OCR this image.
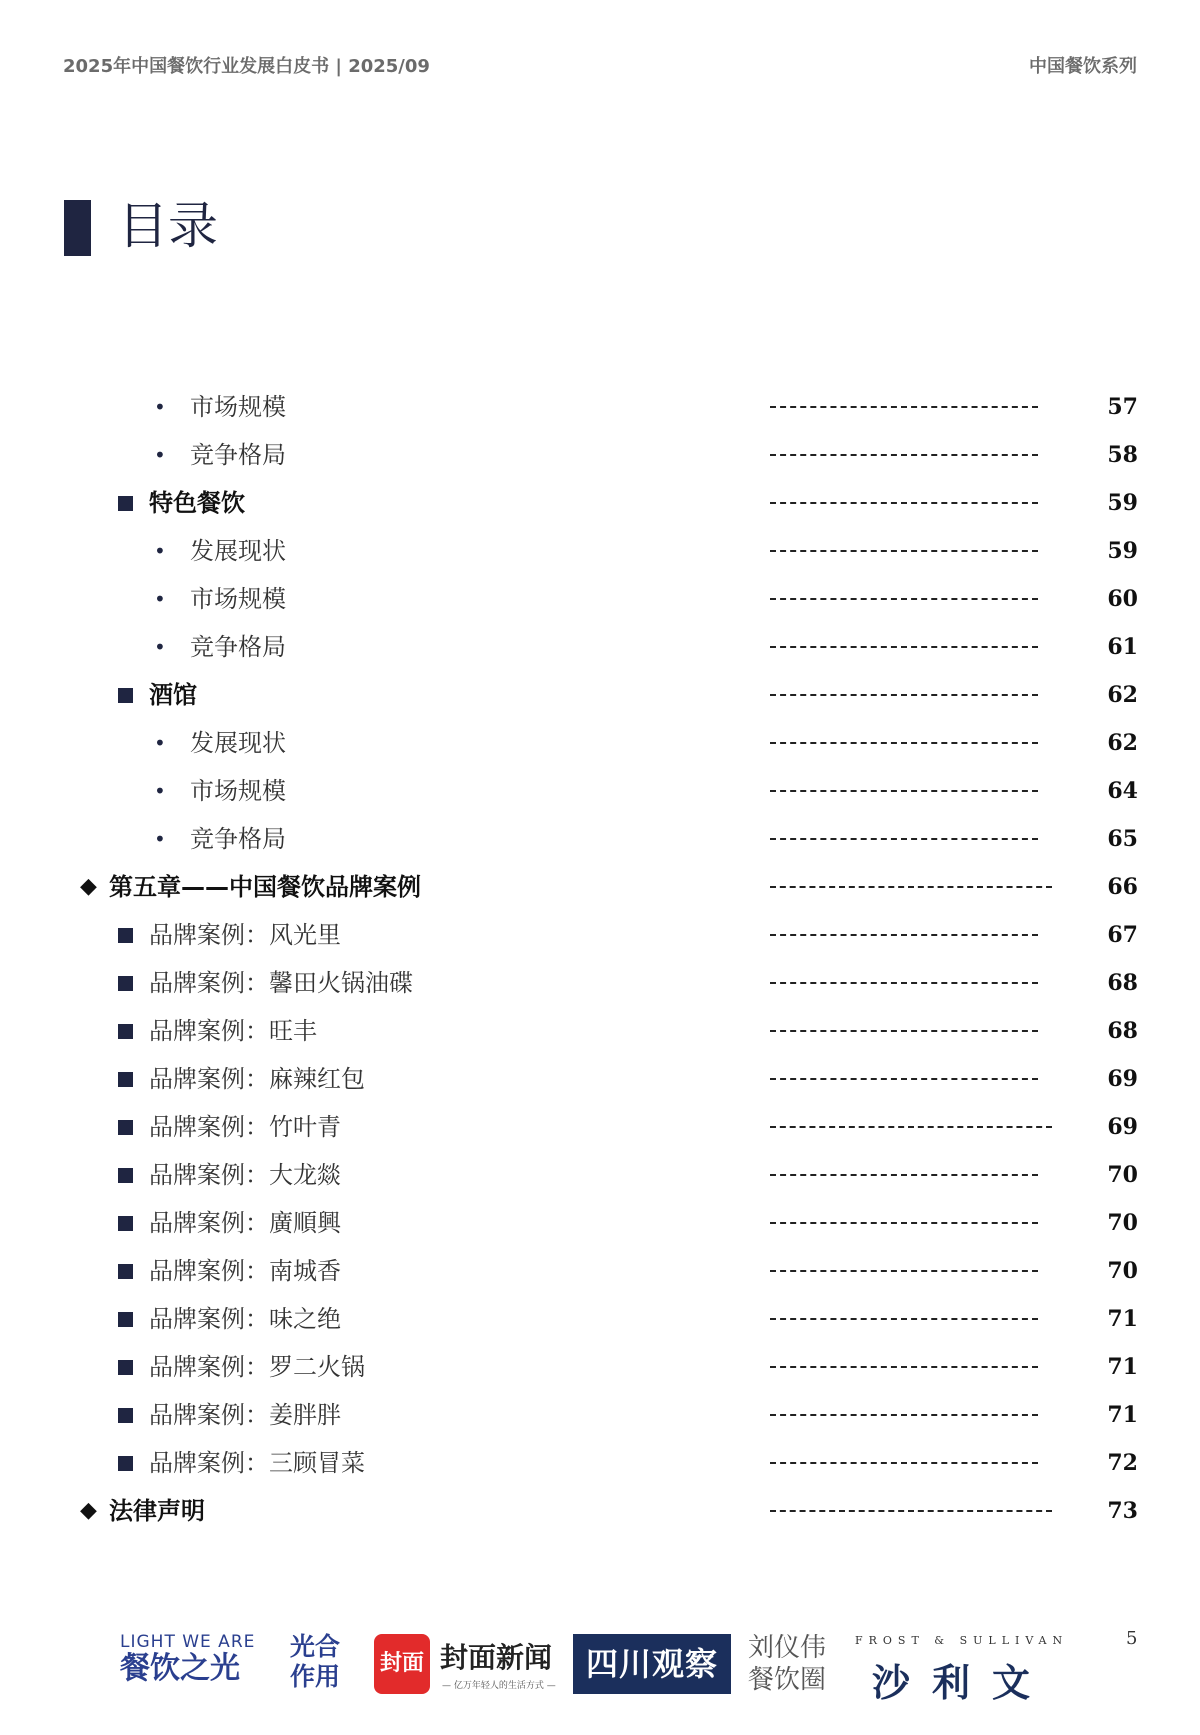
2025年中国餐饮行业发展白皮书 | 2025/09	中国餐饮系列
目录
• 市场规模	57
• 竞争格局	58
特色餐饮	59
• 发展现状	59
• 市场规模	60
• 竞争格局	61
酒馆	62
• 发展现状	62
• 市场规模	64
• 竞争格局	65
◆ 第五章——中国餐饮品牌案例	66
品牌案例：风光里	67
品牌案例：馨田火锅油碟	68
品牌案例：旺丰	68
品牌案例：麻辣红包	69
品牌案例：竹叶青	69
品牌案例：大龙燚	70
品牌案例：廣順興	70
品牌案例：南城香	70
品牌案例：味之绝	71
品牌案例：罗二火锅	71
品牌案例：姜胖胖	71
品牌案例：三顾冒菜	72
◆ 法律声明	73
LIGHT WE ARE
餐饮之光
光合
作用 封面 封面新闻
— 亿万年轻人的生活方式 —
四川观察	刘仪伟
餐饮圈
FROST & SULLIVAN
沙利文
5
